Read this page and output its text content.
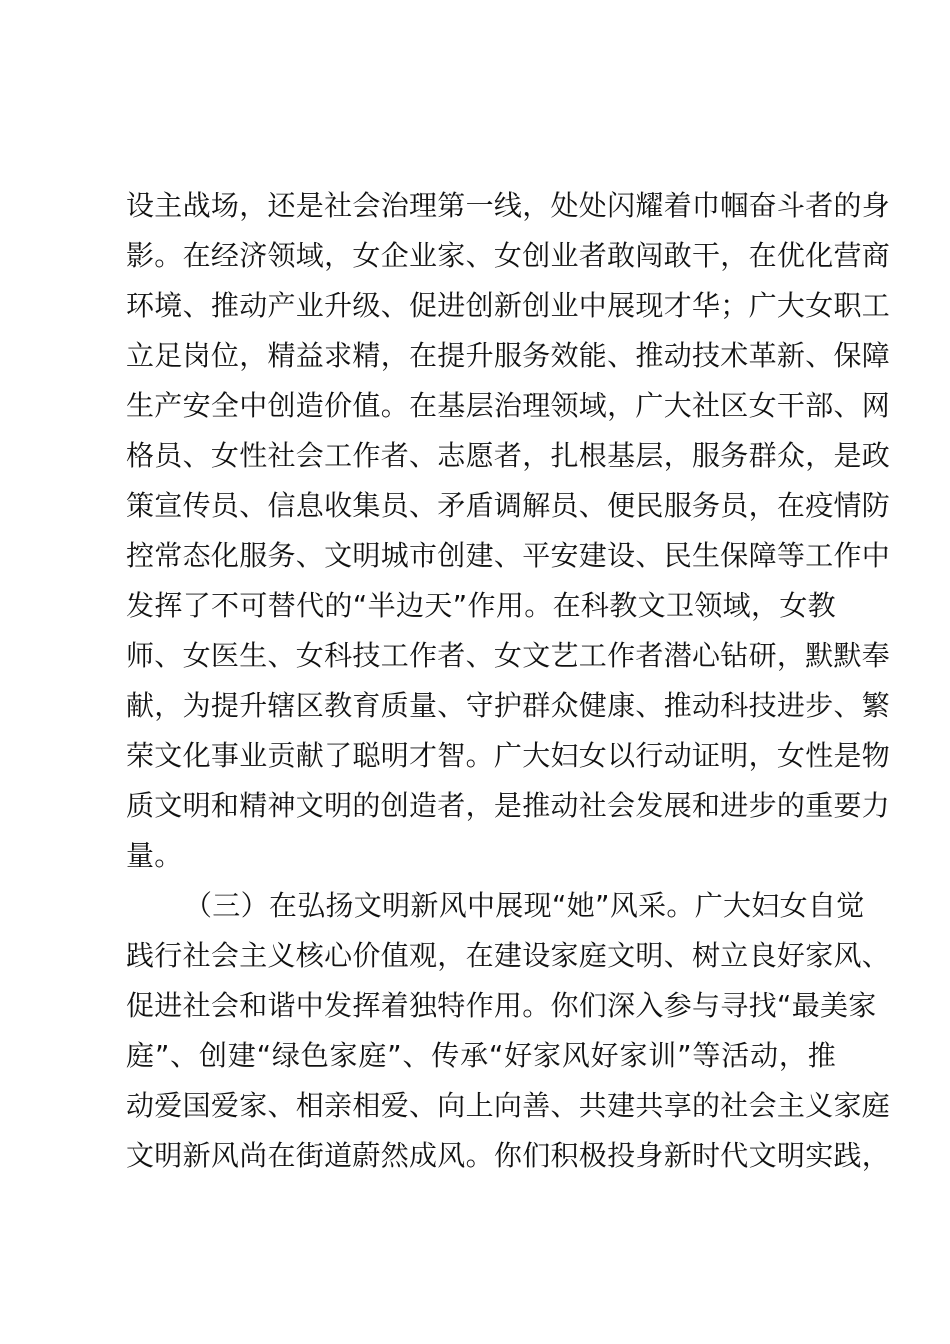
设主战场，还是社会治理第一线，处处闪耀着巾帼奋斗者的身
影。在经济领域，女企业家、女创业者敢闯敢干，在优化营商
环境、推动产业升级、促进创新创业中展现才华；广大女职工
立足岗位，精益求精，在提升服务效能、推动技术革新、保障
生产安全中创造价值。在基层治理领域，广大社区女干部、网
格员、女性社会工作者、志愿者，扎根基层，服务群众，是政
策宣传员、信息收集员、矛盾调解员、便民服务员，在疫情防
控常态化服务、文明城市创建、平安建设、民生保障等工作中
发挥了不可替代的“半边天”作用。在科教文卫领域，女教
师、女医生、女科技工作者、女文艺工作者潜心钻研，默默奉
献，为提升辖区教育质量、守护群众健康、推动科技进步、繁
荣文化事业贡献了聪明才智。广大妇女以行动证明，女性是物
质文明和精神文明的创造者，是推动社会发展和进步的重要力
量。
（三）在弘扬文明新风中展现“她”风采。广大妇女自觉
践行社会主义核心价值观，在建设家庭文明、树立良好家风、
促进社会和谐中发挥着独特作用。你们深入参与寻找“最美家
庭”、创建“绿色家庭”、传承“好家风好家训”等活动，推
动爱国爱家、相亲相爱、向上向善、共建共享的社会主义家庭
文明新风尚在街道蔚然成风。你们积极投身新时代文明实践，
